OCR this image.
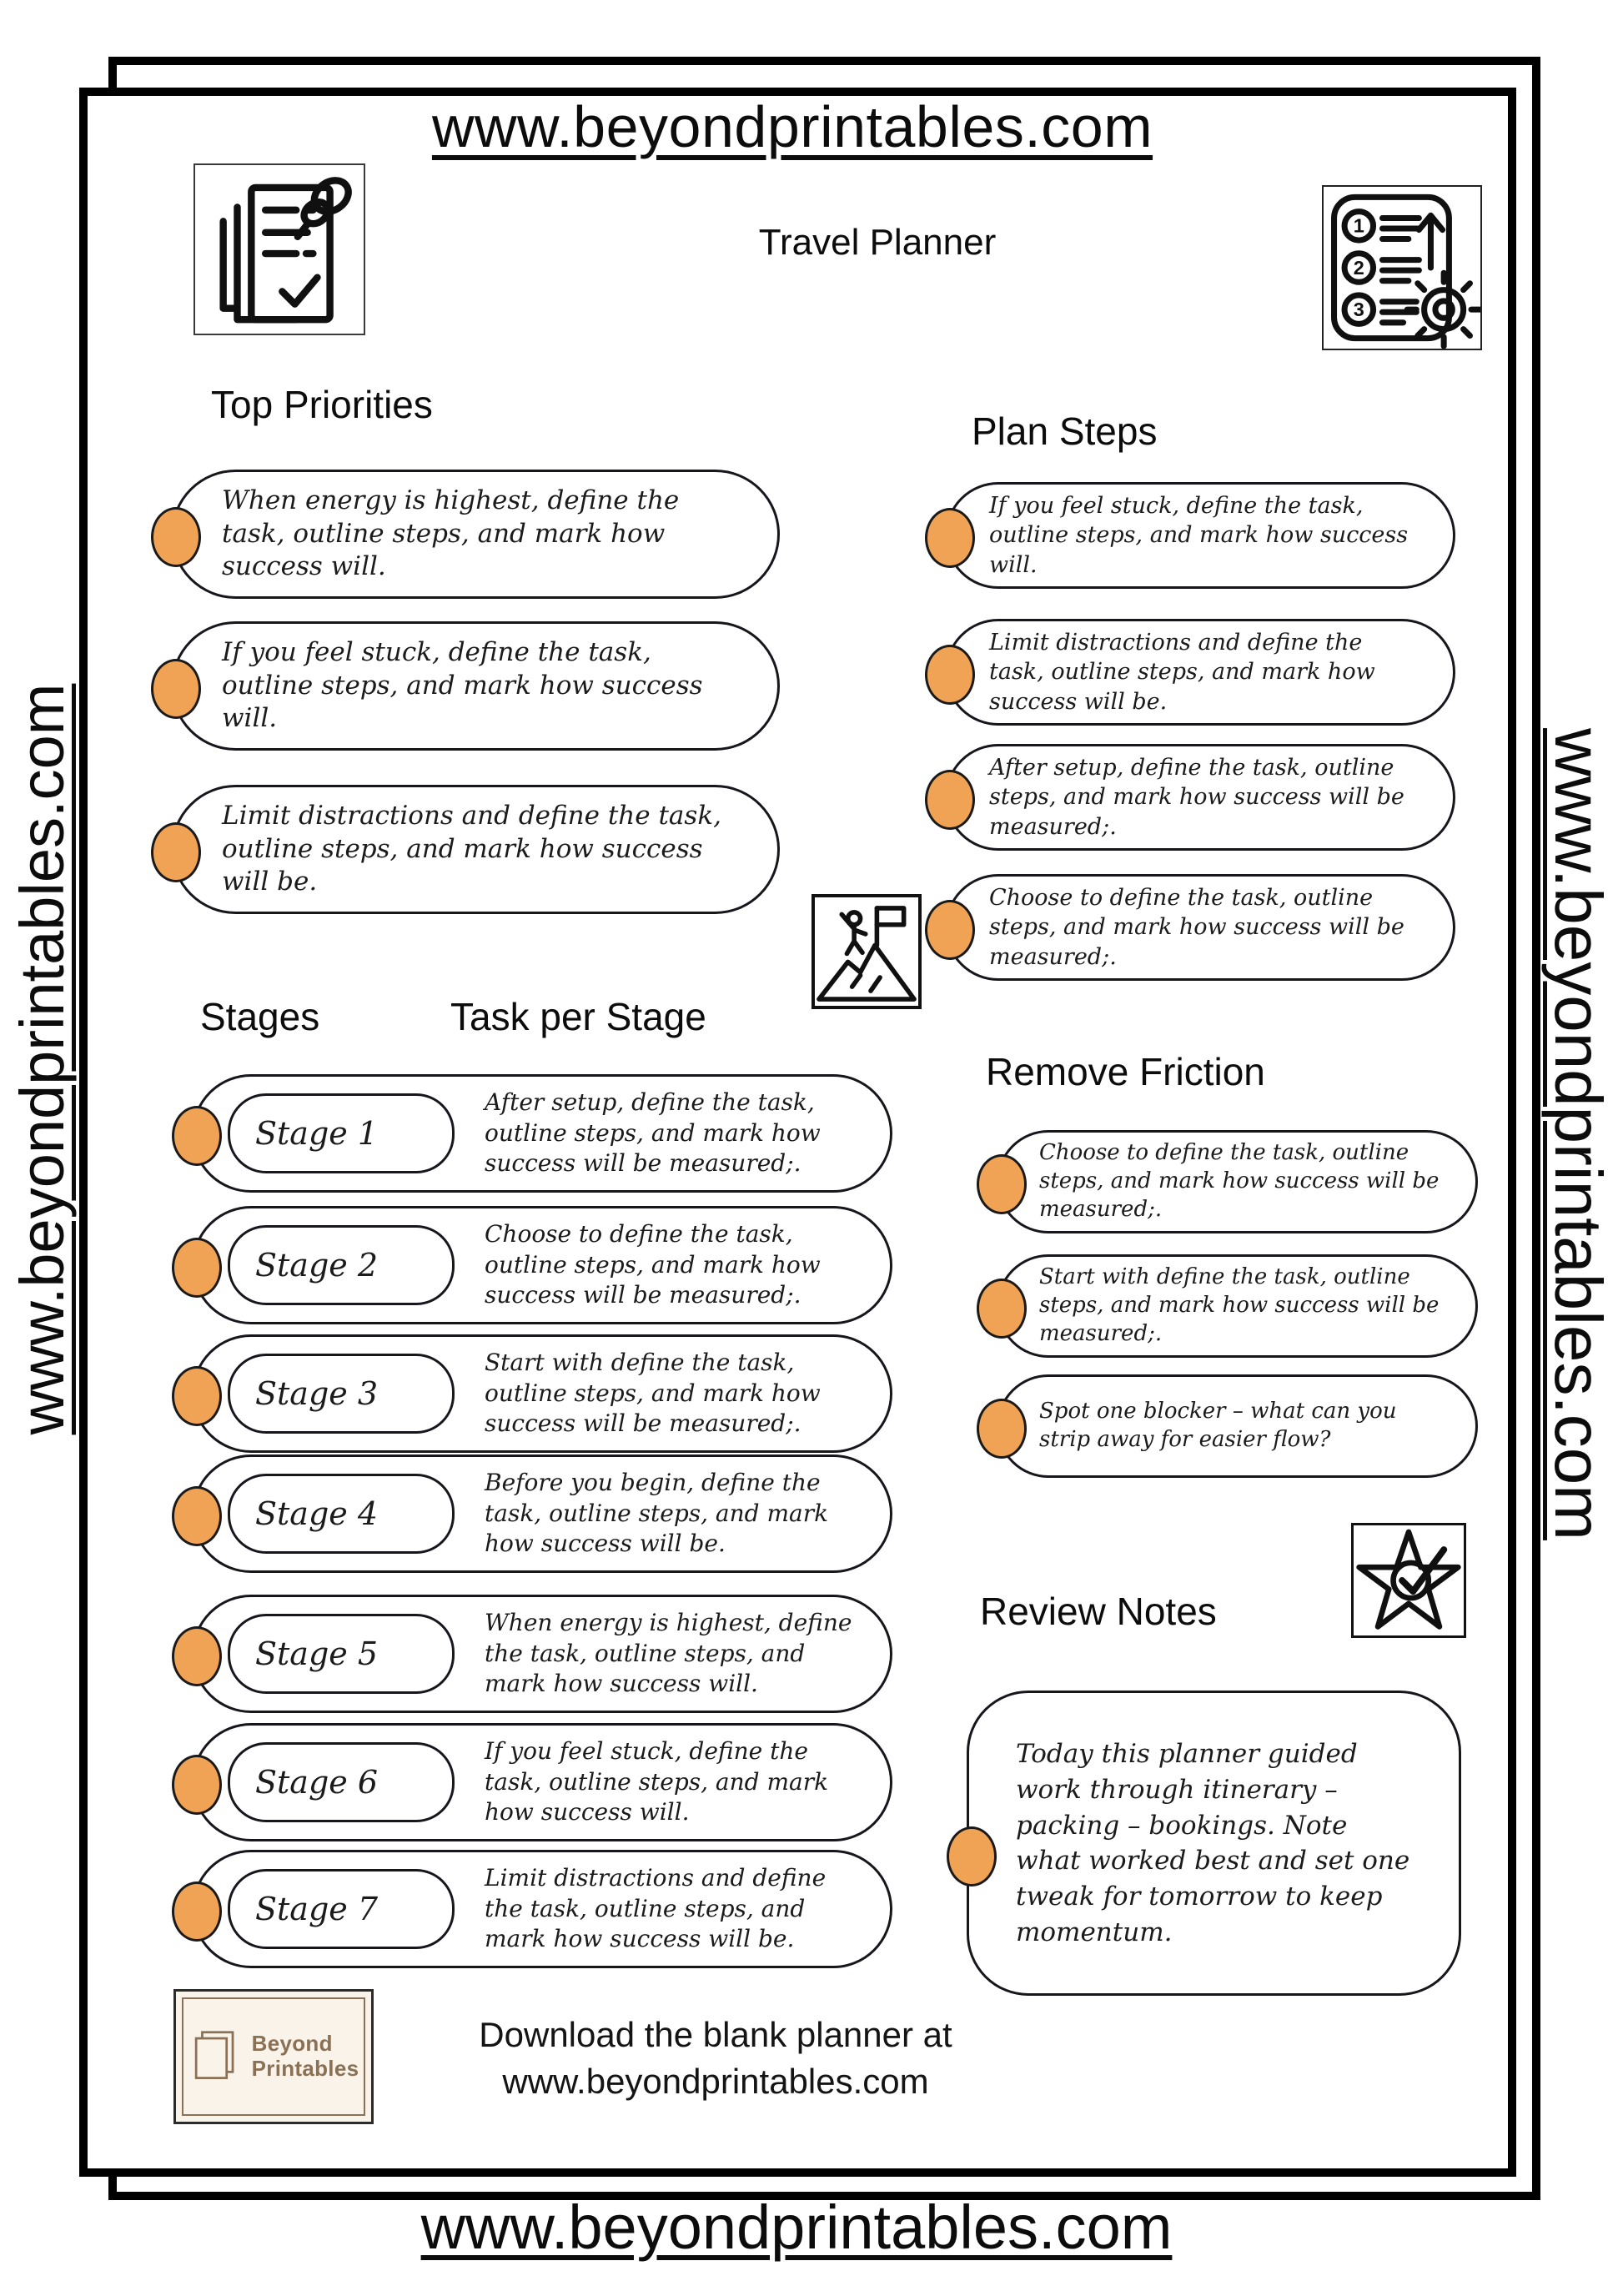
www.beyondprintables.com
Travel Planner	1
2
3
Top Priorities
When energy is highest, define the task, outline steps, and mark how success will.
If you feel stuck, define the task, outline steps, and mark how success will.
Limit distractions and define the task, outline steps, and mark how success will be.
Plan Steps
If you feel stuck, define the task, outline steps, and mark how success will.
Limit distractions and define the task, outline steps, and mark how success will be.
After setup, define the task, outline steps, and mark how success will be measured;.
Choose to define the task, outline steps, and mark how success will be measured;.
Stages	Task per Stage
Stage 1
After setup, define the task, outline steps, and mark how success will be measured;.
Stage 2
Choose to define the task, outline steps, and mark how success will be measured;.
Stage 3
Start with define the task, outline steps, and mark how success will be measured;.
Stage 4
Before you begin, define the task, outline steps, and mark how success will be.
Stage 5
When energy is highest, define the task, outline steps, and mark how success will.
Stage 6
If you feel stuck, define the task, outline steps, and mark how success will.
Stage 7
Limit distractions and define the task, outline steps, and mark how success will be.
Remove Friction
Choose to define the task, outline steps, and mark how success will be measured;.
Start with define the task, outline steps, and mark how success will be measured;.
Spot one blocker – what can you strip away for easier flow?
Review Notes
Today this planner guided work through itinerary – packing – bookings. Note what worked best and set one tweak for tomorrow to keep momentum.
Beyond
Printables
Download the blank planner at
www.beyondprintables.com
www.beyondprintables.com
www.beyondprintables.com	www.beyondprintables.com
